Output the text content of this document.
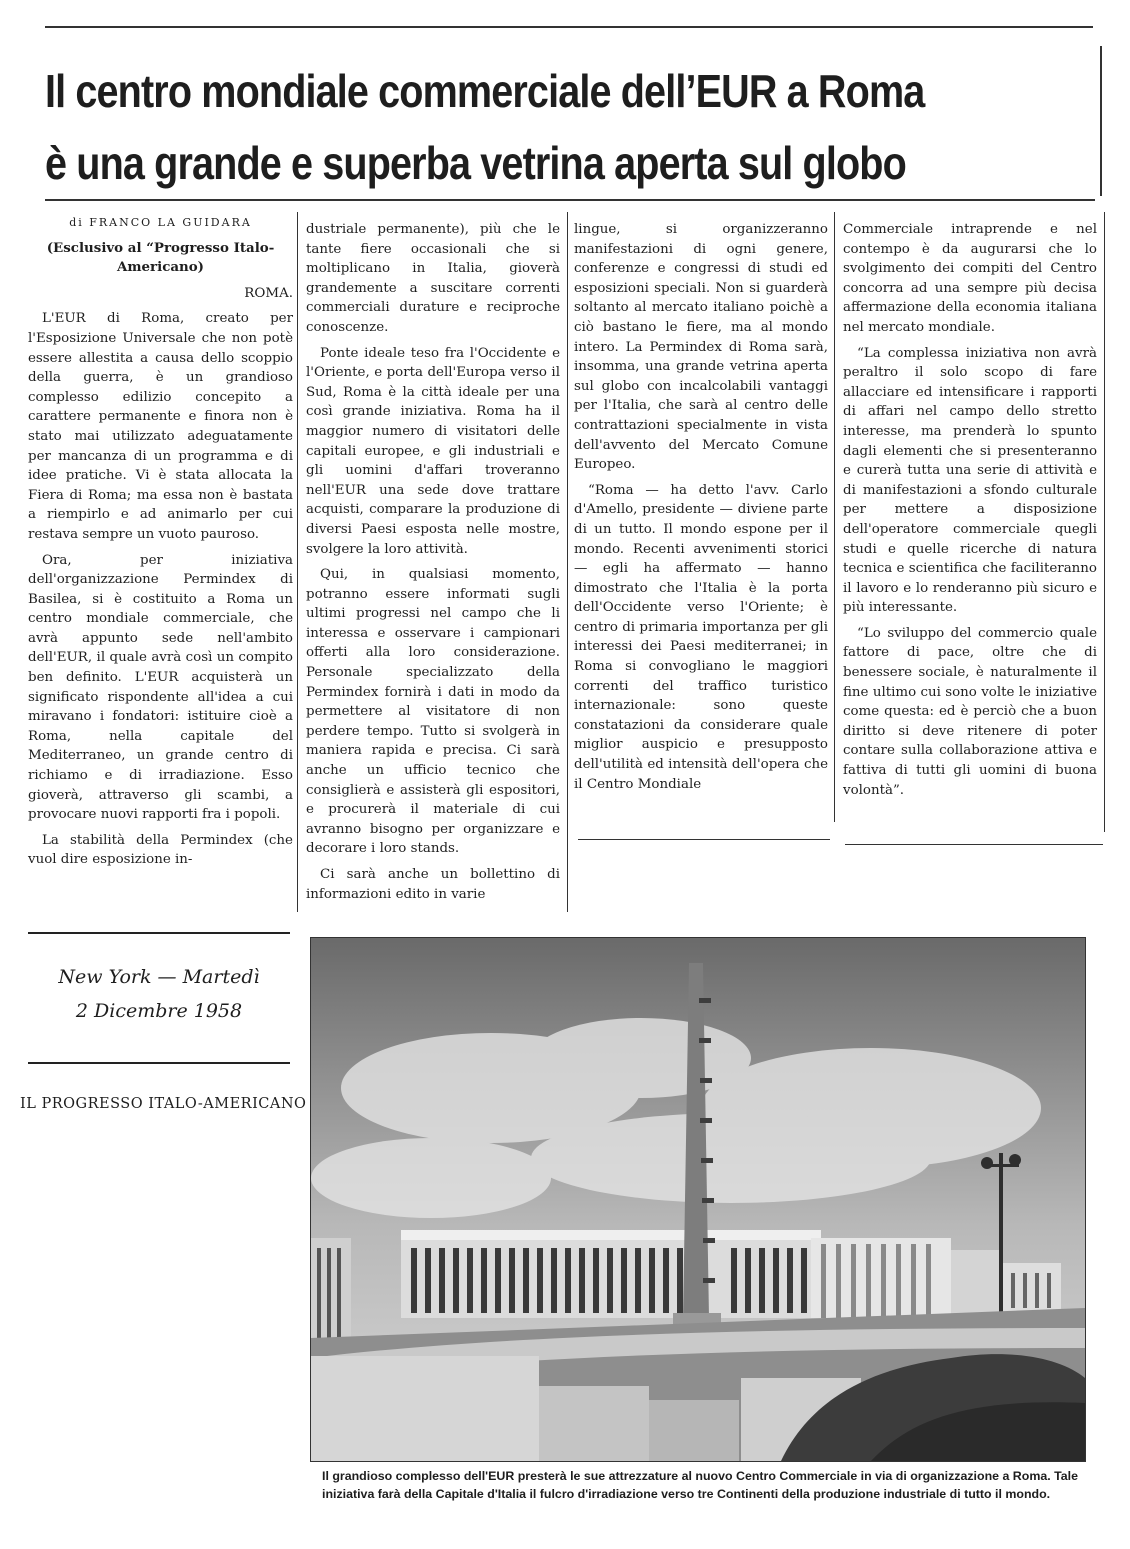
Il centro mondiale commerciale dell’EUR a Roma
è una grande e superba vetrina aperta sul globo

di FRANCO LA GUIDARA

(Esclusivo al “Progresso Italo-Americano)

ROMA.

L'EUR di Roma, creato per l'Esposizione Universale che non potè essere allestita a causa dello scoppio della guerra, è un grandioso complesso edilizio concepito a carattere permanente e finora non è stato mai utilizzato adeguatamente per mancanza di un programma e di idee pratiche. Vi è stata allocata la Fiera di Roma; ma essa non è bastata a riempirlo e ad animarlo per cui restava sempre un vuoto pauroso.

Ora, per iniziativa dell'organizzazione Permindex di Basilea, si è costituito a Roma un centro mondiale commerciale, che avrà appunto sede nell'ambito dell'EUR, il quale avrà così un compito ben definito. L'EUR acquisterà un significato rispondente all'idea a cui miravano i fondatori: istituire cioè a Roma, nella capitale del Mediterraneo, un grande centro di richiamo e di irradiazione. Esso gioverà, attraverso gli scambi, a provocare nuovi rapporti fra i popoli.

La stabilità della Permindex (che vuol dire esposizione in-

dustriale permanente), più che le tante fiere occasionali che si moltiplicano in Italia, gioverà grandemente a suscitare correnti commerciali durature e reciproche conoscenze.

Ponte ideale teso fra l'Occidente e l'Oriente, e porta dell'Europa verso il Sud, Roma è la città ideale per una così grande iniziativa. Roma ha il maggior numero di visitatori delle capitali europee, e gli industriali e gli uomini d'affari troveranno nell'EUR una sede dove trattare acquisti, comparare la produzione di diversi Paesi esposta nelle mostre, svolgere la loro attività.

Qui, in qualsiasi momento, potranno essere informati sugli ultimi progressi nel campo che li interessa e osservare i campionari offerti alla loro considerazione. Personale specializzato della Permindex fornirà i dati in modo da permettere al visitatore di non perdere tempo. Tutto si svolgerà in maniera rapida e precisa. Ci sarà anche un ufficio tecnico che consiglierà e assisterà gli espositori, e procurerà il materiale di cui avranno bisogno per organizzare e decorare i loro stands.

Ci sarà anche un bollettino di informazioni edito in varie

lingue, si organizzeranno manifestazioni di ogni genere, conferenze e congressi di studi ed esposizioni speciali. Non si guarderà soltanto al mercato italiano poichè a ciò bastano le fiere, ma al mondo intero. La Permindex di Roma sarà, insomma, una grande vetrina aperta sul globo con incalcolabili vantaggi per l'Italia, che sarà al centro delle contrattazioni specialmente in vista dell'avvento del Mercato Comune Europeo.

“Roma — ha detto l'avv. Carlo d'Amello, presidente — diviene parte di un tutto. Il mondo espone per il mondo. Recenti avvenimenti storici — egli ha affermato — hanno dimostrato che l'Italia è la porta dell'Occidente verso l'Oriente; è centro di primaria importanza per gli interessi dei Paesi mediterranei; in Roma si convogliano le maggiori correnti del traffico turistico internazionale: sono queste constatazioni da considerare quale miglior auspicio e presupposto dell'utilità ed intensità dell'opera che il Centro Mondiale

Commerciale intraprende e nel contempo è da augurarsi che lo svolgimento dei compiti del Centro concorra ad una sempre più decisa affermazione della economia italiana nel mercato mondiale.

“La complessa iniziativa non avrà peraltro il solo scopo di fare allacciare ed intensificare i rapporti di affari nel campo dello stretto interesse, ma prenderà lo spunto dagli elementi che si presenteranno e curerà tutta una serie di attività e di manifestazioni a sfondo culturale per mettere a disposizione dell'operatore commerciale quegli studi e quelle ricerche di natura tecnica e scientifica che faciliteranno il lavoro e lo renderanno più sicuro e più interessante.

“Lo sviluppo del commercio quale fattore di pace, oltre che di benessere sociale, è naturalmente il fine ultimo cui sono volte le iniziative come questa: ed è perciò che a buon diritto si deve ritenere di poter contare sulla collaborazione attiva e fattiva di tutti gli uomini di buona volontà”.

New York — Martedì
2 Dicembre 1958
IL PROGRESSO ITALO-AMERICANO
Il grandioso complesso dell'EUR presterà le sue attrezzature al nuovo Centro Commerciale in via di organizzazione a Roma. Tale iniziativa farà della Capitale d'Italia il fulcro d'irradiazione verso tre Continenti della produzione industriale di tutto il mondo.
